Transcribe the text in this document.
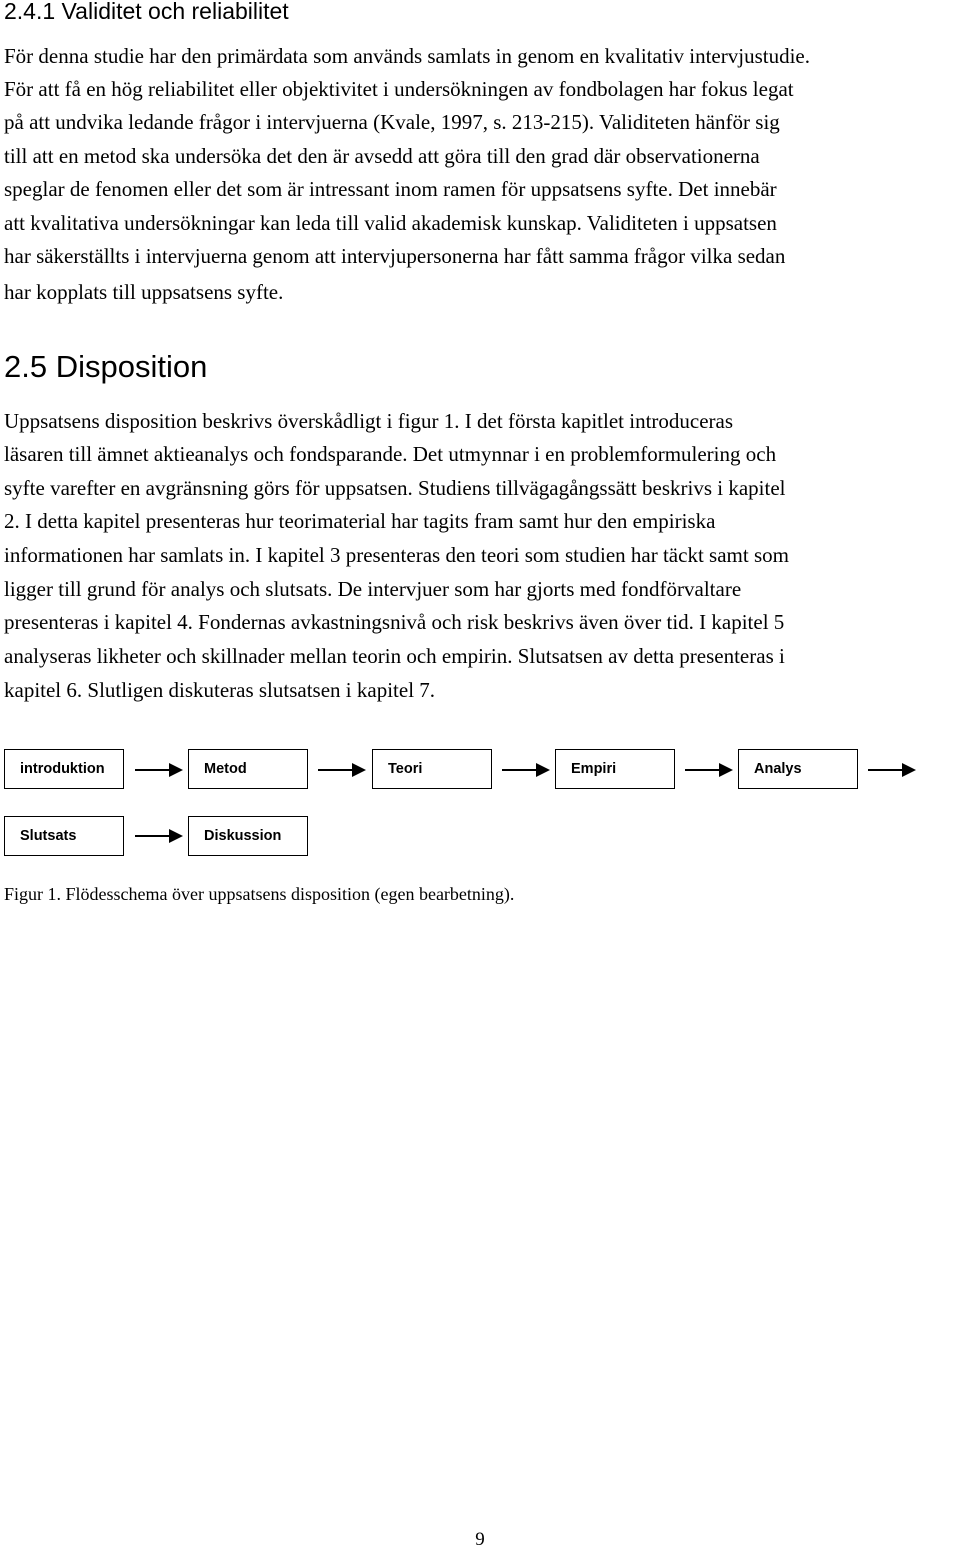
2.4.1 Validitet och reliabilitet
För denna studie har den primärdata som används samlats in genom en kvalitativ intervjustudie.
För att få en hög reliabilitet eller objektivitet i undersökningen av fondbolagen har fokus legat
på att undvika ledande frågor i intervjuerna (Kvale, 1997, s. 213-215). Validiteten hänför sig
till att en metod ska undersöka det den är avsedd att göra till den grad där observationerna
speglar de fenomen eller det som är intressant inom ramen för uppsatsens syfte. Det innebär
att kvalitativa undersökningar kan leda till valid akademisk kunskap. Validiteten i uppsatsen
har säkerställts i intervjuerna genom att intervjupersonerna har fått samma frågor vilka sedan
har kopplats till uppsatsens syfte.
2.5 Disposition
Uppsatsens disposition beskrivs överskådligt i figur 1. I det första kapitlet introduceras
läsaren till ämnet aktieanalys och fondsparande. Det utmynnar i en problemformulering och
syfte varefter en avgränsning görs för uppsatsen. Studiens tillvägagångssätt beskrivs i kapitel
2. I detta kapitel presenteras hur teorimaterial har tagits fram samt hur den empiriska
informationen har samlats in. I kapitel 3 presenteras den teori som studien har täckt samt som
ligger till grund för analys och slutsats. De intervjuer som har gjorts med fondförvaltare
presenteras i kapitel 4. Fondernas avkastningsnivå och risk beskrivs även över tid. I kapitel 5
analyseras likheter och skillnader mellan teorin och empirin. Slutsatsen av detta presenteras i
kapitel 6. Slutligen diskuteras slutsatsen i kapitel 7.
introduktion	Metod	Teori	Empiri	Analys
Slutsats	Diskussion

Figur 1. Flödesschema över uppsatsens disposition (egen bearbetning).

9
